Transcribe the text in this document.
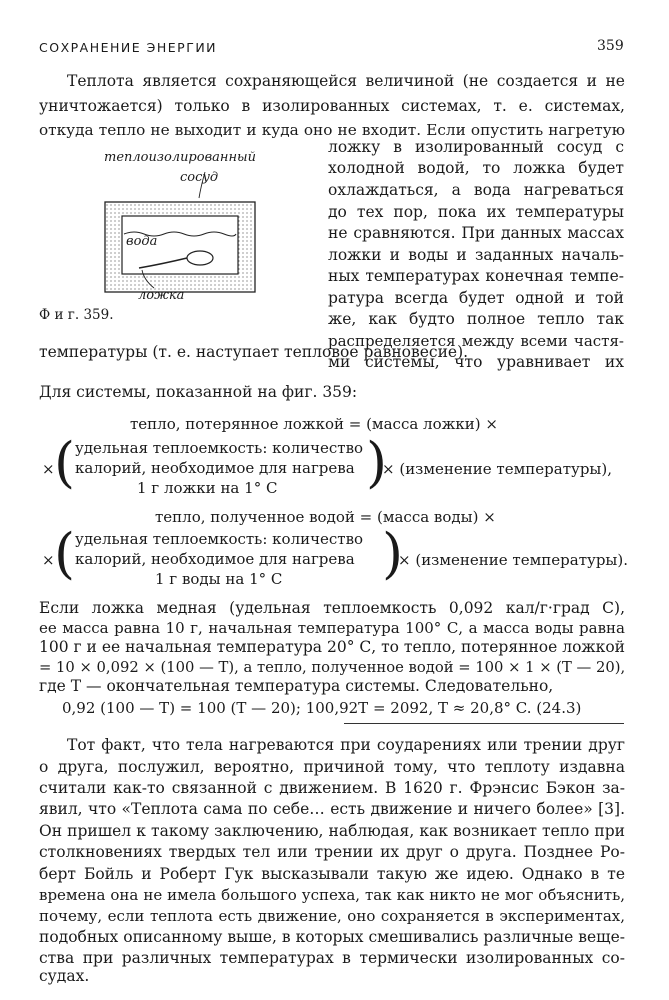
СОХРАНЕНИЕ ЭНЕРГИИ	359
Теплота является сохраняющейся величиной (не создается и не
уничтожается) только в изолированных системах, т. е. системах,
откуда тепло не выходит и куда оно не входит. Если опустить нагретую
ложку в изолированный сосуд с
холодной водой, то ложка будет
охлаждаться, а вода нагреваться
до тех пор, пока их температуры
не сравняются. При данных массах
ложки и воды и заданных началь-
ных температурах конечная темпе-
ратура всегда будет одной и той
же, как будто полное тепло так
распределяется между всеми частя-
ми системы, что уравнивает их
температуры (т. е. наступает тепловое равновесие).
теплоизолированный
сосуд
вода
ложка
Ф и г. 359.
Для системы, показанной на фиг. 359:
тепло, потерянное ложкой = (масса ложки) ×
× ( удельная теплоемкость: количество
калорий, необходимое для нагрева
1 г ложки на 1° C )
× (изменение температуры),
тепло, полученное водой = (масса воды) ×
× ( удельная теплоемкость: количество
калорий, необходимое для нагрева
1 г воды на 1° C )
× (изменение температуры).
Если ложка медная (удельная теплоемкость 0,092 кал/г·град С),
ее масса равна 10 г, начальная температура 100° С, а масса воды равна
100 г и ее начальная температура 20° С, то тепло, потерянное ложкой
= 10 × 0,092 × (100 — T), а тепло, полученное водой = 100 × 1 × (T — 20),
где T — окончательная температура системы. Следовательно,
0,92 (100 — T) = 100 (T — 20); 100,92T = 2092, T ≈ 20,8° C. (24.3)
Тот факт, что тела нагреваются при соударениях или трении друг
о друга, послужил, вероятно, причиной тому, что теплоту издавна
считали как-то связанной с движением. В 1620 г. Фрэнсис Бэкон за-
явил, что «Теплота сама по себе… есть движение и ничего более» [3].
Он пришел к такому заключению, наблюдая, как возникает тепло при
столкновениях твердых тел или трении их друг о друга. Позднее Ро-
берт Бойль и Роберт Гук высказывали такую же идею. Однако в те
времена она не имела большого успеха, так как никто не мог объяснить,
почему, если теплота есть движение, оно сохраняется в экспериментах,
подобных описанному выше, в которых смешивались различные веще-
ства при различных температурах в термически изолированных со-
судах.
